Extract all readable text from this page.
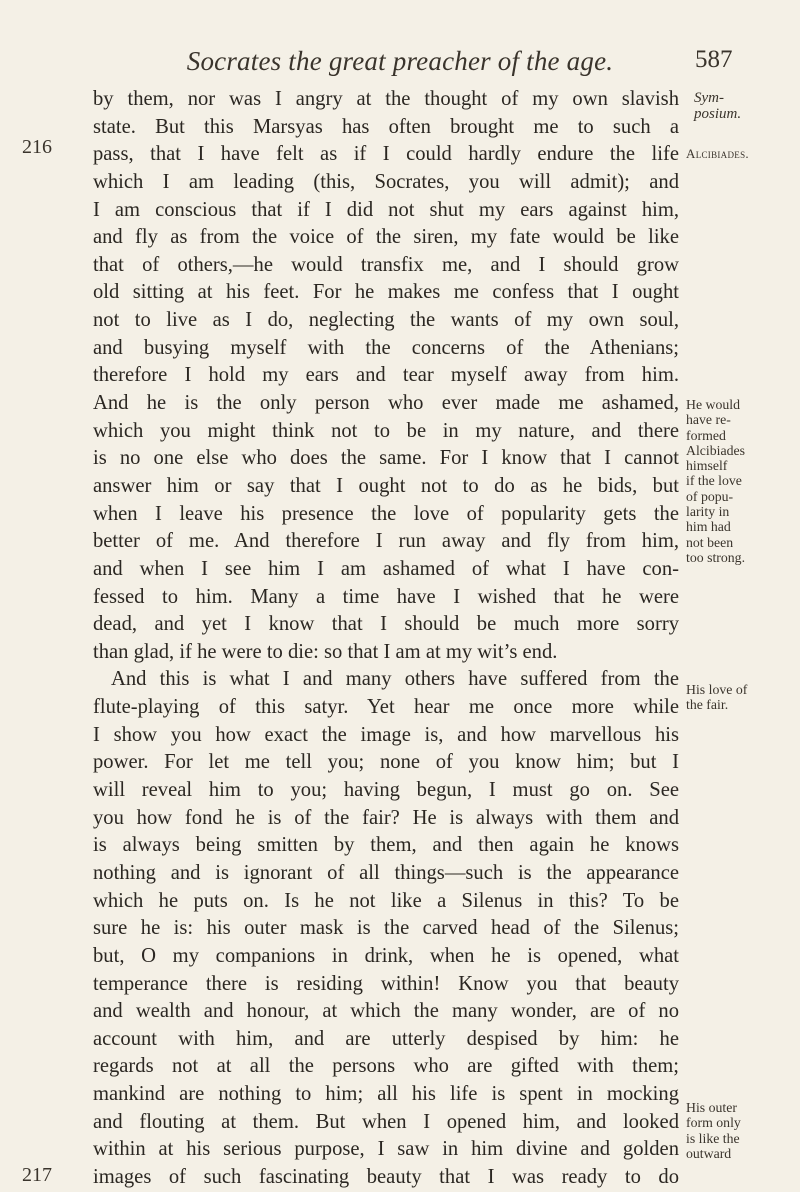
Socrates the great preacher of the age.	587
Sym-
posium.
Alcibiades.
He would
have re-
formed
Alcibiades
himself
if the love
of popu-
larity in
him had
not been
too strong.
His love of
the fair.
His outer
form only
is like the
outward
216
217
by them, nor was I angry at the thought of my own slavish
state. But this Marsyas has often brought me to such a
pass, that I have felt as if I could hardly endure the life
which I am leading (this, Socrates, you will admit); and
I am conscious that if I did not shut my ears against him,
and fly as from the voice of the siren, my fate would be like
that of others,—he would transfix me, and I should grow
old sitting at his feet. For he makes me confess that I ought
not to live as I do, neglecting the wants of my own soul,
and busying myself with the concerns of the Athenians;
therefore I hold my ears and tear myself away from him.
And he is the only person who ever made me ashamed,
which you might think not to be in my nature, and there
is no one else who does the same. For I know that I cannot
answer him or say that I ought not to do as he bids, but
when I leave his presence the love of popularity gets the
better of me. And therefore I run away and fly from him,
and when I see him I am ashamed of what I have con-
fessed to him. Many a time have I wished that he were
dead, and yet I know that I should be much more sorry
than glad, if he were to die: so that I am at my wit’s end.
And this is what I and many others have suffered from the
flute-playing of this satyr. Yet hear me once more while
I show you how exact the image is, and how marvellous his
power. For let me tell you; none of you know him; but I
will reveal him to you; having begun, I must go on. See
you how fond he is of the fair? He is always with them and
is always being smitten by them, and then again he knows
nothing and is ignorant of all things—such is the appearance
which he puts on. Is he not like a Silenus in this? To be
sure he is: his outer mask is the carved head of the Silenus;
but, O my companions in drink, when he is opened, what
temperance there is residing within! Know you that beauty
and wealth and honour, at which the many wonder, are of no
account with him, and are utterly despised by him: he
regards not at all the persons who are gifted with them;
mankind are nothing to him; all his life is spent in mocking
and flouting at them. But when I opened him, and looked
within at his serious purpose, I saw in him divine and golden
images of such fascinating beauty that I was ready to do
